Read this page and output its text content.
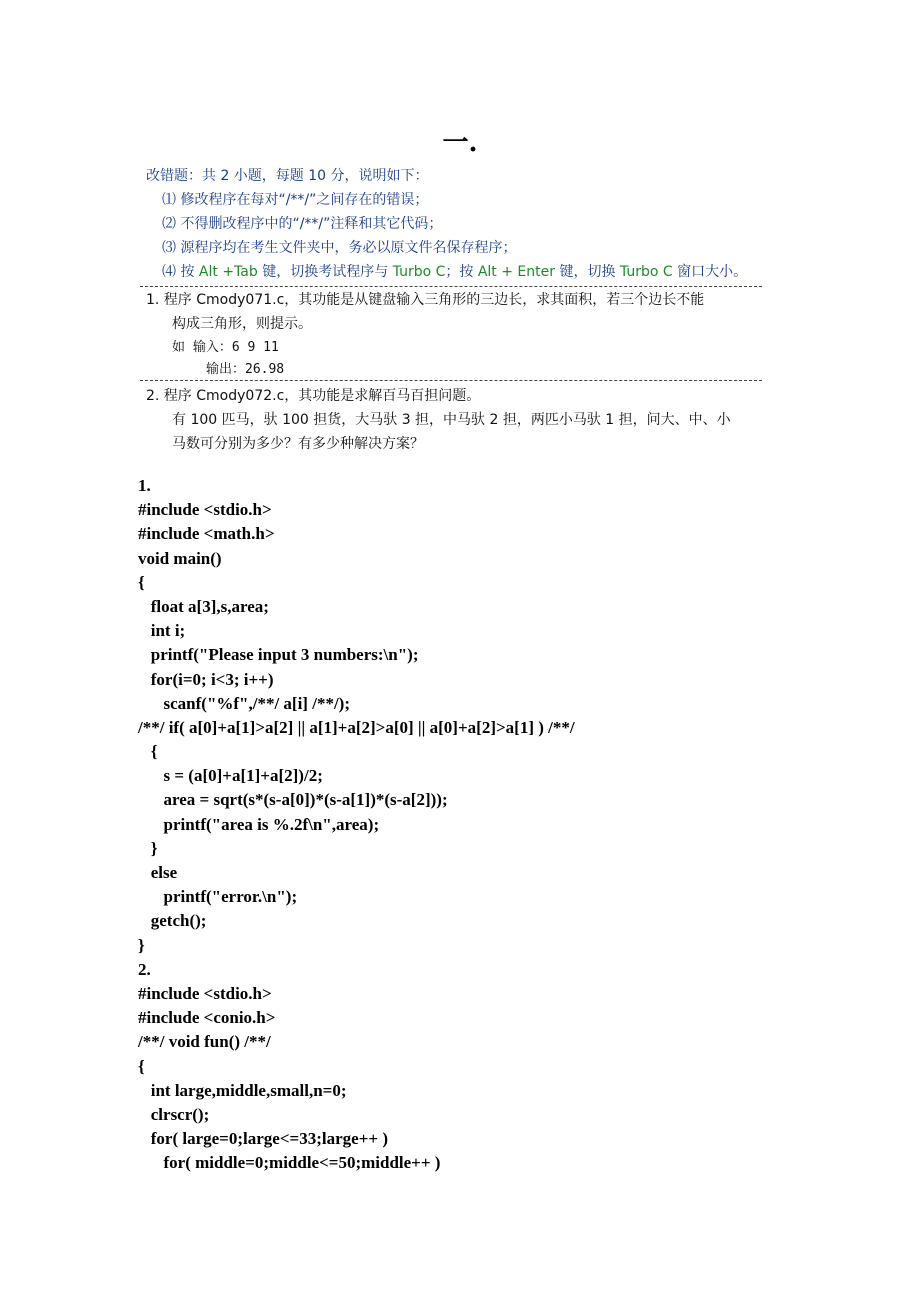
一.
改错题：共 2 小题，每题 10 分，说明如下：
⑴ 修改程序在每对“/**/”之间存在的错误；
⑵ 不得删改程序中的“/**/”注释和其它代码；
⑶ 源程序均在考生文件夹中，务必以原文件名保存程序；
⑷ 按 Alt +Tab 键，切换考试程序与 Turbo C；按 Alt + Enter 键，切换 Turbo C 窗口大小。
1. 程序 Cmody071.c，其功能是从键盘输入三角形的三边长，求其面积，若三个边长不能
构成三角形，则提示。
如 输入：6 9 11
输出：26.98
2. 程序 Cmody072.c，其功能是求解百马百担问题。
有 100 匹马，驮 100 担货，大马驮 3 担，中马驮 2 担，两匹小马驮 1 担，问大、中、小
马数可分别为多少？有多少种解决方案？
1.
#include <stdio.h>
#include <math.h>
void main()
{
float a[3],s,area;
int i;
printf("Please input 3 numbers:\n");
for(i=0; i<3; i++)
scanf("%f",/**/ a[i] /**/);
/**/ if( a[0]+a[1]>a[2] || a[1]+a[2]>a[0] || a[0]+a[2]>a[1] ) /**/
{
s = (a[0]+a[1]+a[2])/2;
area = sqrt(s*(s-a[0])*(s-a[1])*(s-a[2]));
printf("area is %.2f\n",area);
}
else
printf("error.\n");
getch();
}
2.
#include <stdio.h>
#include <conio.h>
/**/ void fun() /**/
{
int large,middle,small,n=0;
clrscr();
for( large=0;large<=33;large++ )
for( middle=0;middle<=50;middle++ )
